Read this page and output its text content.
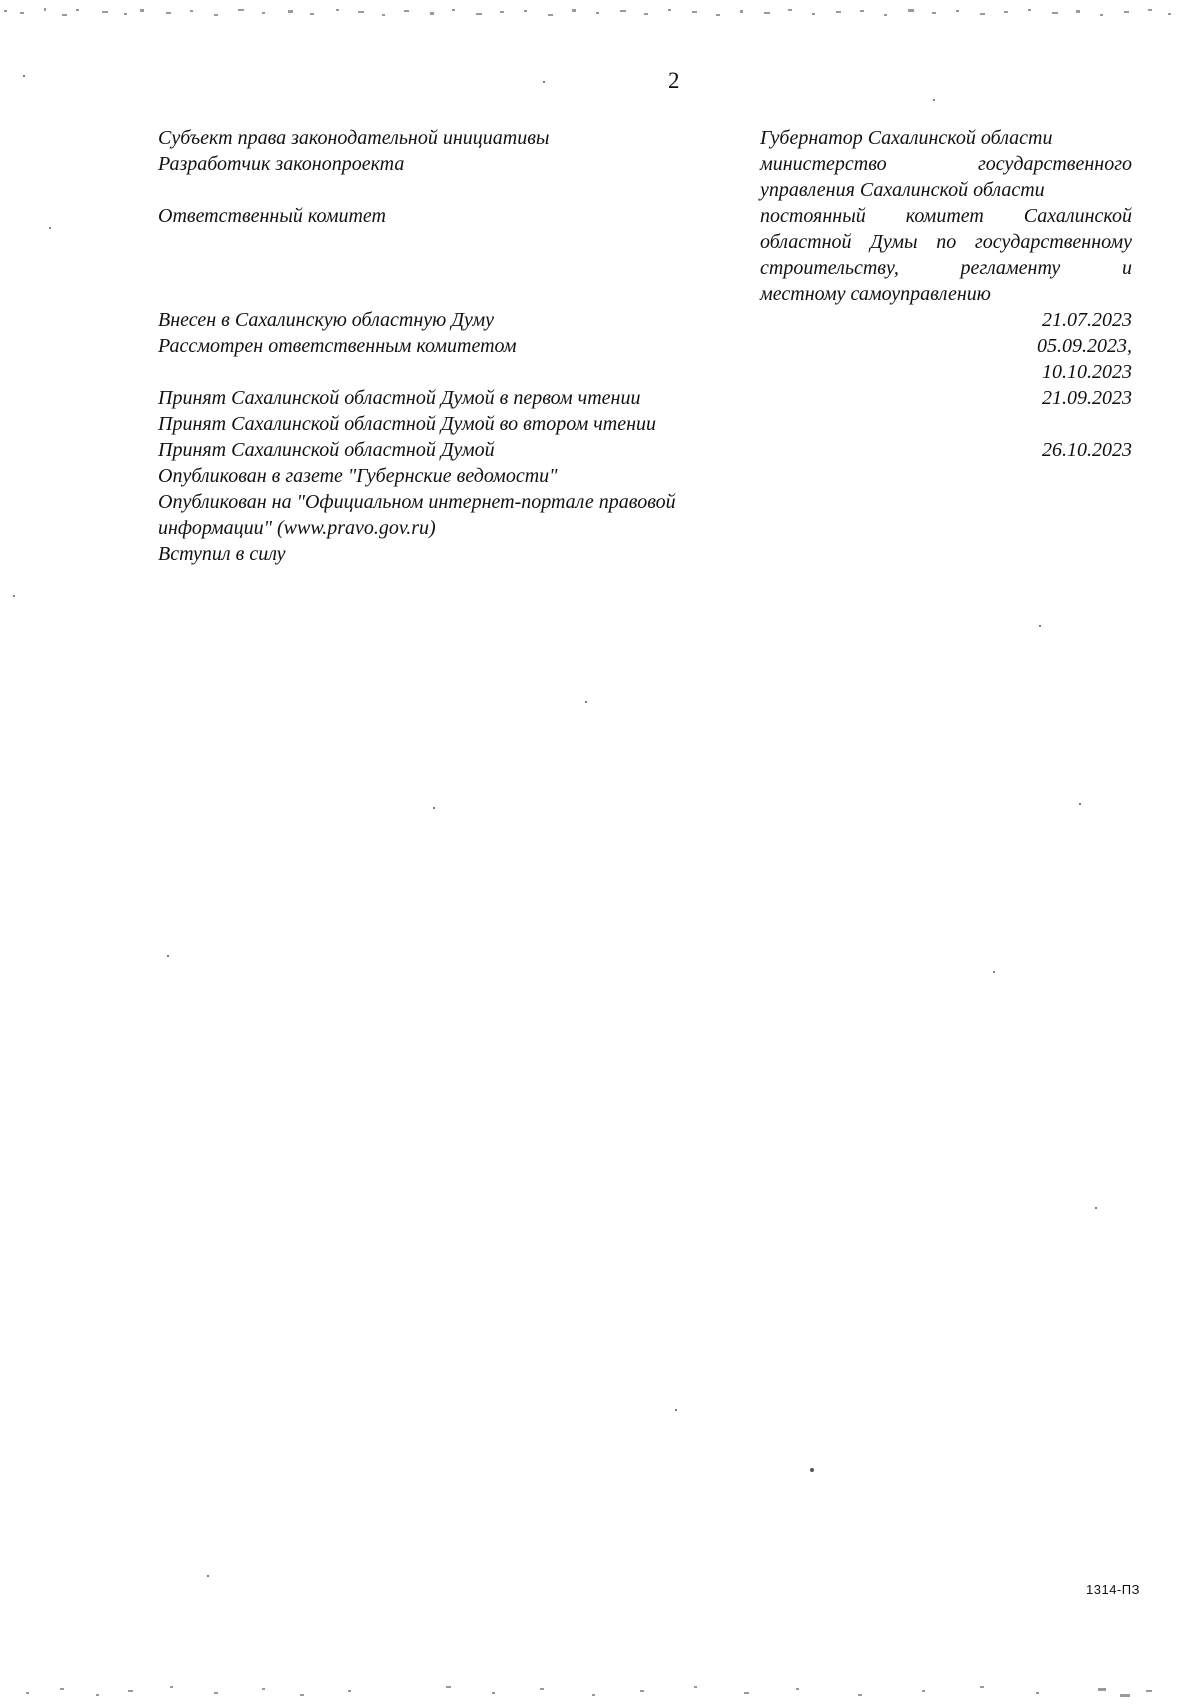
2
Субъект права законодательной инициативы	Губернатор Сахалинской области
Разработчик законопроекта	министерство государственного
управления Сахалинской области
Ответственный комитет	постоянный комитет Сахалинской
областной Думы по государственному
строительству, регламенту и
местному самоуправлению
Внесен в Сахалинскую областную Думу	21.07.2023
Рассмотрен ответственным комитетом	05.09.2023,
10.10.2023
Принят Сахалинской областной Думой в первом чтении	21.09.2023
Принят Сахалинской областной Думой во втором чтении
Принят Сахалинской областной Думой	26.10.2023
Опубликован в газете "Губернские ведомости"
Опубликован на "Официальном интернет-портале правовой
информации" (www.pravo.gov.ru)
Вступил в силу
1314-ПЗ
